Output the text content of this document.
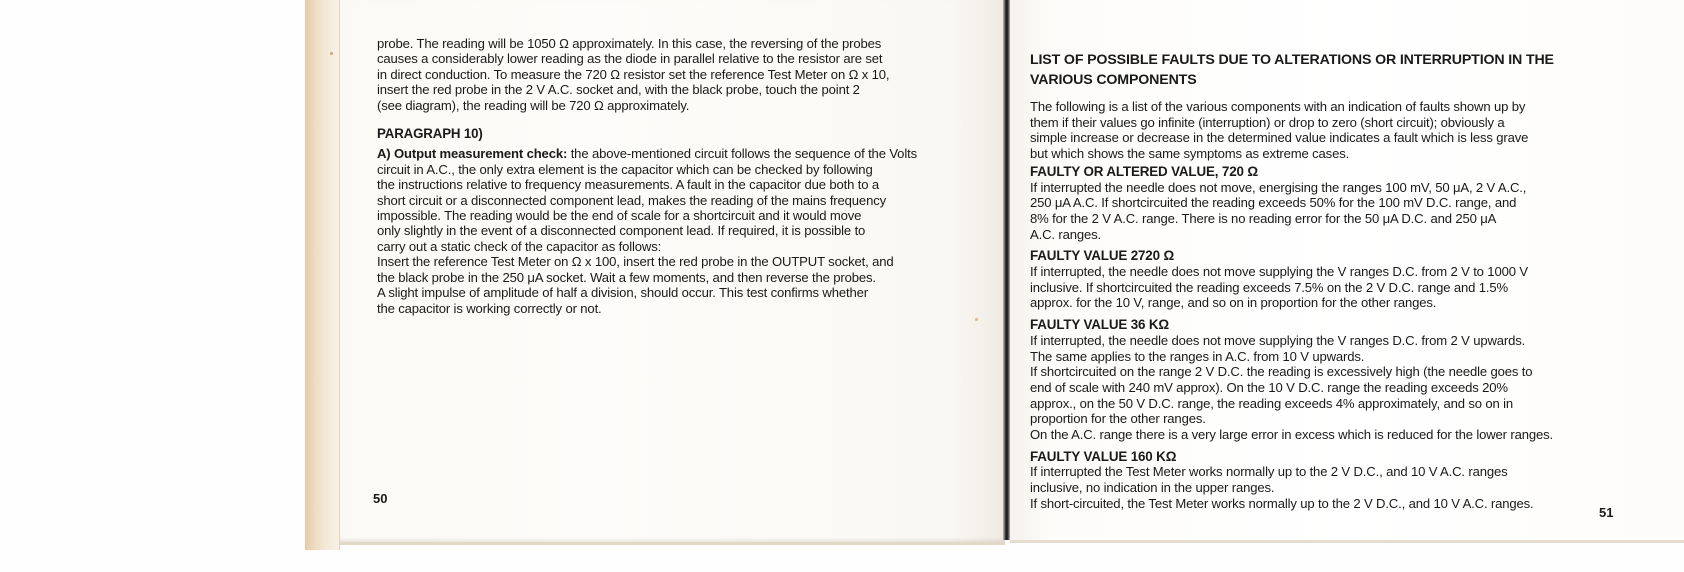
probe. The reading will be 1050 Ω approximately. In this case, the reversing of the probes

causes a considerably lower reading as the diode in parallel relative to the resistor are set

in direct conduction. To measure the 720 Ω resistor set the reference Test Meter on Ω x 10,

insert the red probe in the 2 V A.C. socket and, with the black probe, touch the point 2

(see diagram), the reading will be 720 Ω approximately.

PARAGRAPH 10)

A) Output measurement check: the above-mentioned circuit follows the sequence of the Volts

circuit in A.C., the only extra element is the capacitor which can be checked by following

the instructions relative to frequency measurements. A fault in the capacitor due both to a

short circuit or a disconnected component lead, makes the reading of the mains frequency

impossible. The reading would be the end of scale for a shortcircuit and it would move

only slightly in the event of a disconnected component lead. If required, it is possible to

carry out a static check of the capacitor as follows:

Insert the reference Test Meter on Ω x 100, insert the red probe in the OUTPUT socket, and

the black probe in the 250 μA socket. Wait a few moments, and then reverse the probes.

A slight impulse of amplitude of half a division, should occur. This test confirms whether

the capacitor is working correctly or not.

50

LIST OF POSSIBLE FAULTS DUE TO ALTERATIONS OR INTERRUPTION IN THE

VARIOUS COMPONENTS

The following is a list of the various components with an indication of faults shown up by

them if their values go infinite (interruption) or drop to zero (short circuit); obviously a

simple increase or decrease in the determined value indicates a fault which is less grave

but which shows the same symptoms as extreme cases.

FAULTY OR ALTERED VALUE, 720 Ω

If interrupted the needle does not move, energising the ranges 100 mV, 50 μA, 2 V A.C.,

250 μA A.C. If shortcircuited the reading exceeds 50% for the 100 mV D.C. range, and

8% for the 2 V A.C. range. There is no reading error for the 50 μA D.C. and 250 μA

A.C. ranges.

FAULTY VALUE 2720 Ω

If interrupted, the needle does not move supplying the V ranges D.C. from 2 V to 1000 V

inclusive. If shortcircuited the reading exceeds 7.5% on the 2 V D.C. range and 1.5%

approx. for the 10 V, range, and so on in proportion for the other ranges.

FAULTY VALUE 36 KΩ

If interrupted, the needle does not move supplying the V ranges D.C. from 2 V upwards.

The same applies to the ranges in A.C. from 10 V upwards.

If shortcircuited on the range 2 V D.C. the reading is excessively high (the needle goes to

end of scale with 240 mV approx). On the 10 V D.C. range the reading exceeds 20%

approx., on the 50 V D.C. range, the reading exceeds 4% approximately, and so on in

proportion for the other ranges.

On the A.C. range there is a very large error in excess which is reduced for the lower ranges.

FAULTY VALUE 160 KΩ

If interrupted the Test Meter works normally up to the 2 V D.C., and 10 V A.C. ranges

inclusive, no indication in the upper ranges.

If short-circuited, the Test Meter works normally up to the 2 V D.C., and 10 V A.C. ranges.

51
